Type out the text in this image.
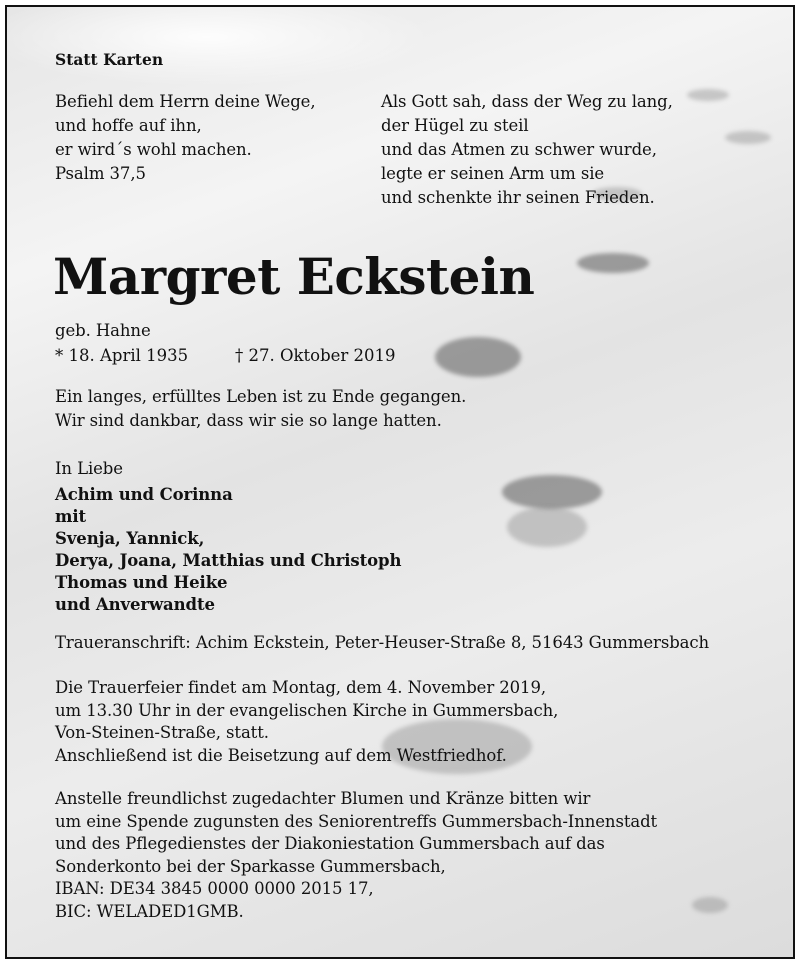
Statt Karten
Befiehl dem Herrn deine Wege,
und hoffe auf ihn,
er wird´s wohl machen.
Psalm 37,5
Als Gott sah, dass der Weg zu lang,
der Hügel zu steil
und das Atmen zu schwer wurde,
legte er seinen Arm um sie
und schenkte ihr seinen Frieden.
Margret Eckstein
geb. Hahne
* 18. April 1935	† 27. Oktober 2019
Ein langes, erfülltes Leben ist zu Ende gegangen.
Wir sind dankbar, dass wir sie so lange hatten.
In Liebe
Achim und Corinna
mit
Svenja, Yannick,
Derya, Joana, Matthias und Christoph
Thomas und Heike
und Anverwandte
Traueranschrift: Achim Eckstein, Peter-Heuser-Straße 8, 51643 Gummersbach
Die Trauerfeier findet am Montag, dem 4. November 2019,
um 13.30 Uhr in der evangelischen Kirche in Gummersbach,
Von-Steinen-Straße, statt.
Anschließend ist die Beisetzung auf dem Westfriedhof.
Anstelle freundlichst zugedachter Blumen und Kränze bitten wir
um eine Spende zugunsten des Seniorentreffs Gummersbach-Innenstadt
und des Pflegedienstes der Diakoniestation Gummersbach auf das
Sonderkonto bei der Sparkasse Gummersbach,
IBAN: DE34 3845 0000 0000 2015 17,
BIC: WELADED1GMB.
